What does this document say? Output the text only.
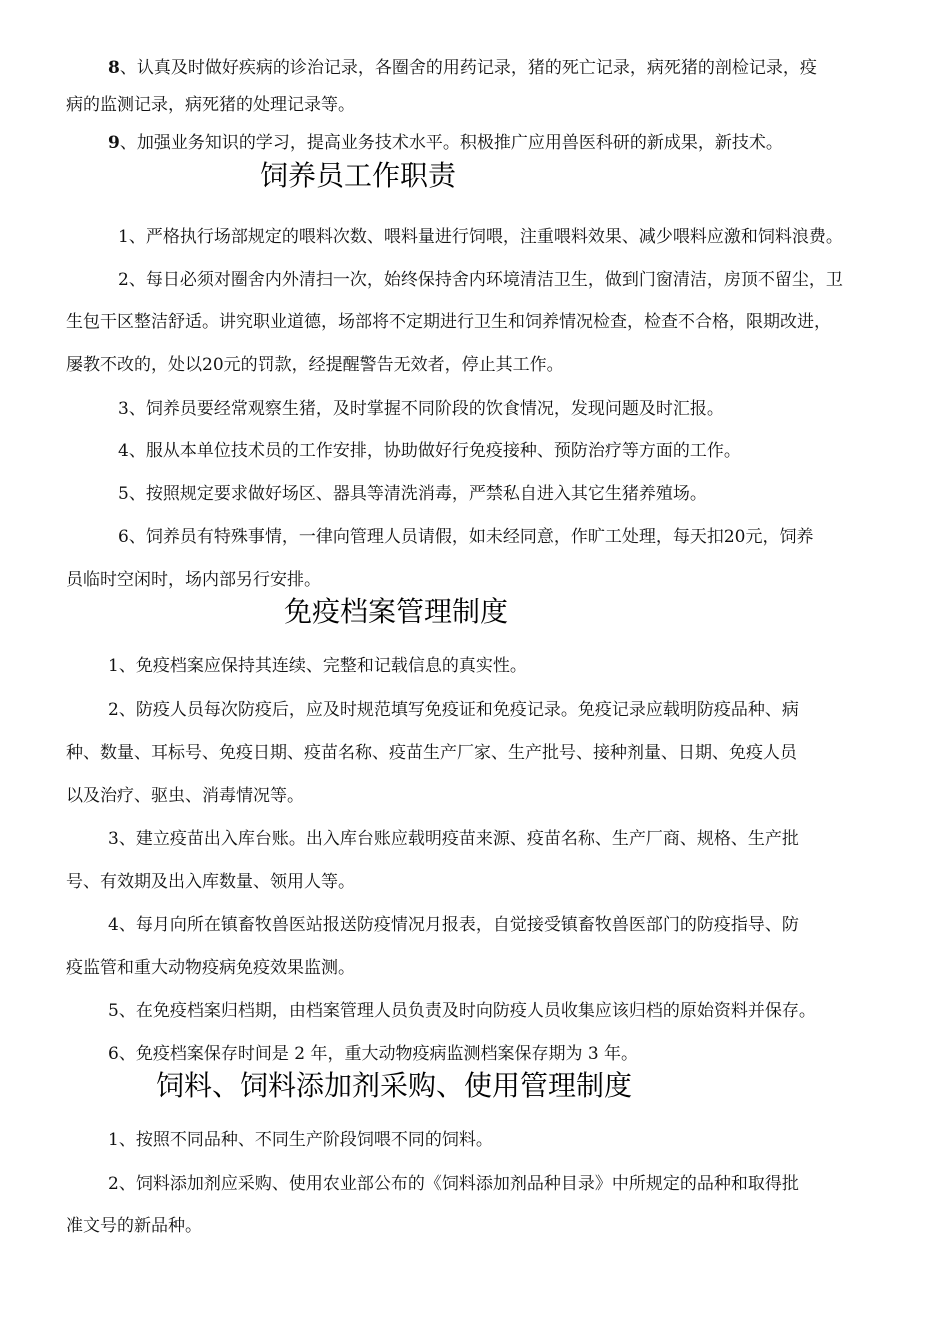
8、认真及时做好疾病的诊治记录，各圈舍的用药记录，猪的死亡记录，病死猪的剖检记录，疫
病的监测记录，病死猪的处理记录等。
9、加强业务知识的学习，提高业务技术水平。积极推广应用兽医科研的新成果，新技术。
饲养员工作职责
1、严格执行场部规定的喂料次数、喂料量进行饲喂，注重喂料效果、减少喂料应激和饲料浪费。
2、每日必须对圈舍内外清扫一次，始终保持舍内环境清洁卫生，做到门窗清洁，房顶不留尘，卫
生包干区整洁舒适。讲究职业道德，场部将不定期进行卫生和饲养情况检查，检查不合格，限期改进，
屡教不改的，处以20元的罚款，经提醒警告无效者，停止其工作。
3、饲养员要经常观察生猪，及时掌握不同阶段的饮食情况，发现问题及时汇报。
4、服从本单位技术员的工作安排，协助做好行免疫接种、预防治疗等方面的工作。
5、按照规定要求做好场区、器具等清洗消毒，严禁私自进入其它生猪养殖场。
6、饲养员有特殊事情，一律向管理人员请假，如未经同意，作旷工处理，每天扣20元，饲养
员临时空闲时，场内部另行安排。
免疫档案管理制度
1、免疫档案应保持其连续、完整和记载信息的真实性。
2、防疫人员每次防疫后，应及时规范填写免疫证和免疫记录。免疫记录应载明防疫品种、病
种、数量、耳标号、免疫日期、疫苗名称、疫苗生产厂家、生产批号、接种剂量、日期、免疫人员
以及治疗、驱虫、消毒情况等。
3、建立疫苗出入库台账。出入库台账应载明疫苗来源、疫苗名称、生产厂商、规格、生产批
号、有效期及出入库数量、领用人等。
4、每月向所在镇畜牧兽医站报送防疫情况月报表，自觉接受镇畜牧兽医部门的防疫指导、防
疫监管和重大动物疫病免疫效果监测。
5、在免疫档案归档期，由档案管理人员负责及时向防疫人员收集应该归档的原始资料并保存。
6、免疫档案保存时间是 2 年，重大动物疫病监测档案保存期为 3 年。
饲料、饲料添加剂采购、使用管理制度
1、按照不同品种、不同生产阶段饲喂不同的饲料。
2、饲料添加剂应采购、使用农业部公布的《饲料添加剂品种目录》中所规定的品种和取得批
准文号的新品种。
